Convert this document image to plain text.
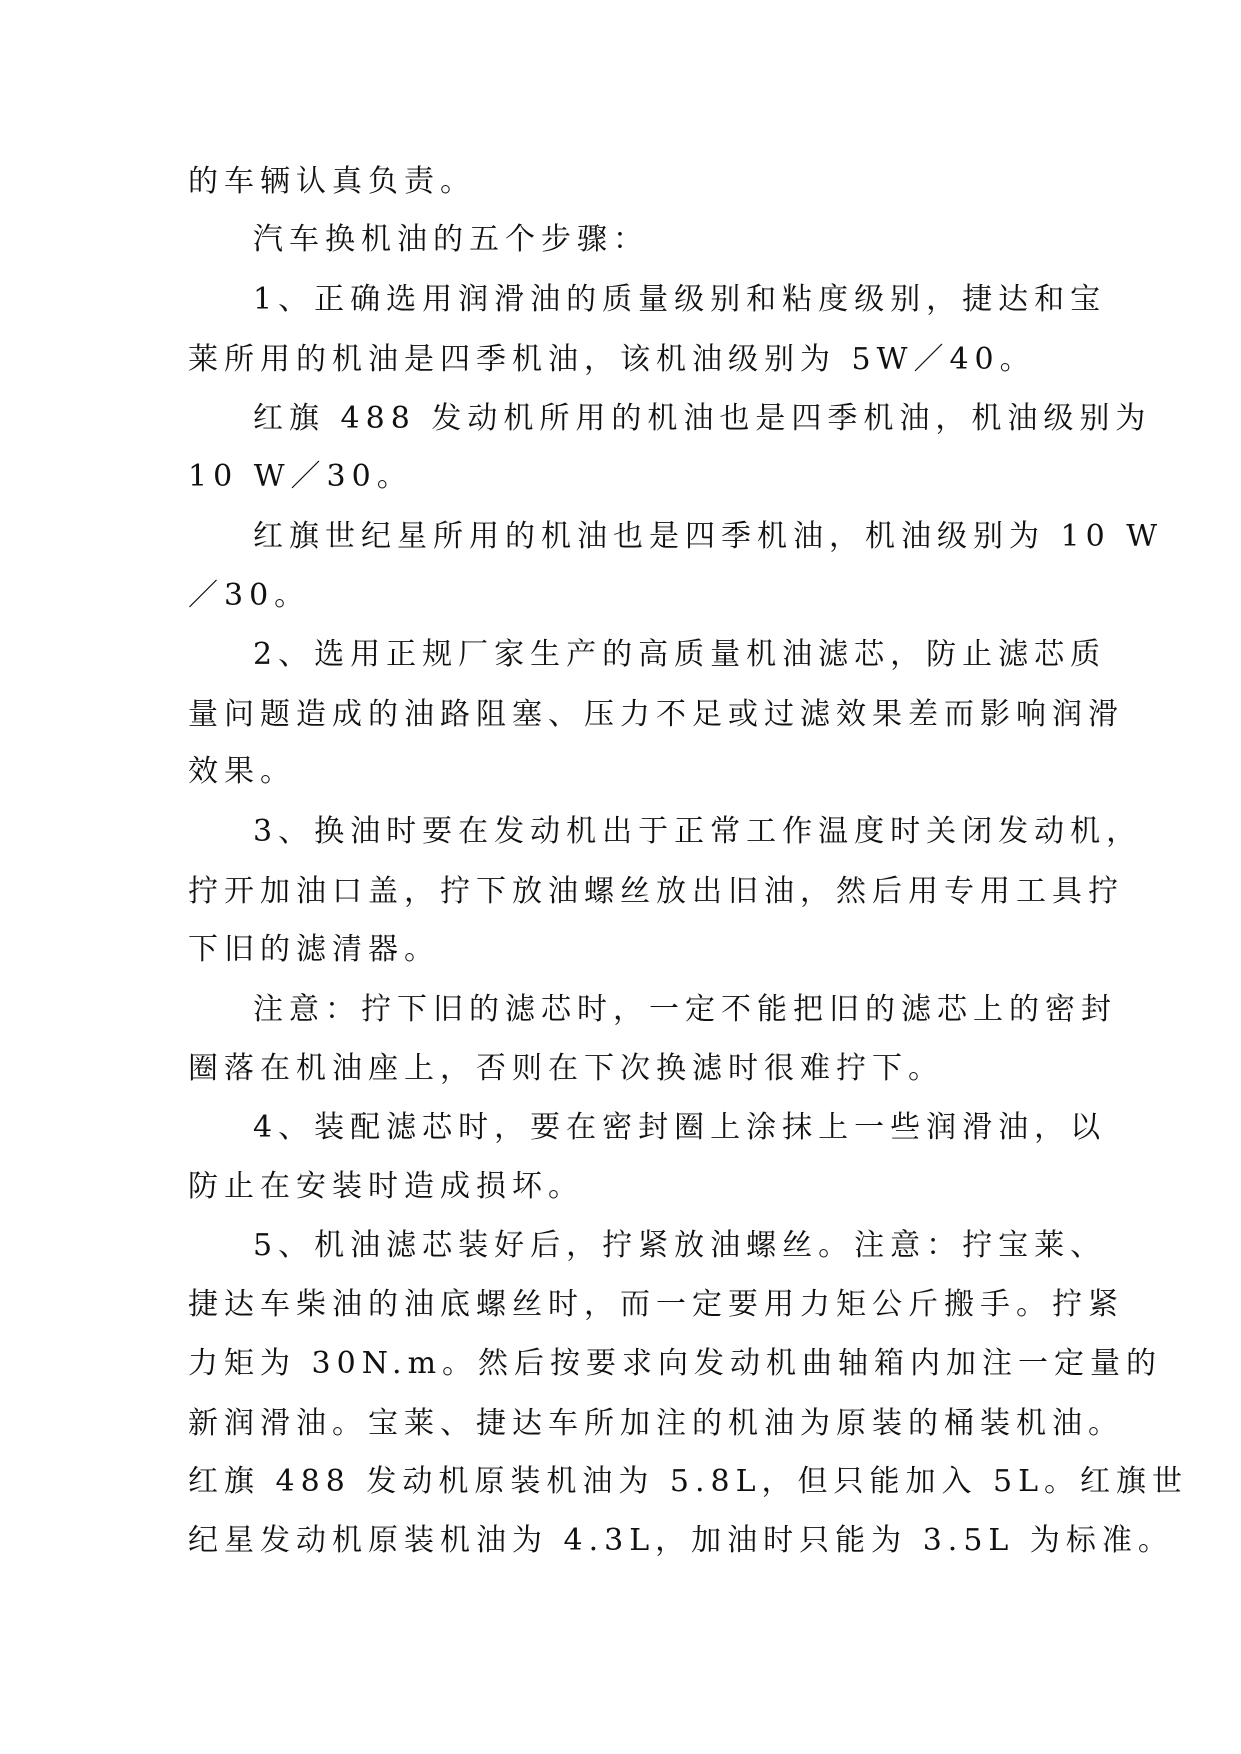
的车辆认真负责。

汽车换机油的五个步骤：

1、正确选用润滑油的质量级别和粘度级别，捷达和宝

莱所用的机油是四季机油，该机油级别为 5W／40。

红旗 488 发动机所用的机油也是四季机油，机油级别为

10 W／30。

红旗世纪星所用的机油也是四季机油，机油级别为 10 W

／30。

2、选用正规厂家生产的高质量机油滤芯，防止滤芯质

量问题造成的油路阻塞、压力不足或过滤效果差而影响润滑

效果。

3、换油时要在发动机出于正常工作温度时关闭发动机，

拧开加油口盖，拧下放油螺丝放出旧油，然后用专用工具拧

下旧的滤清器。

注意：拧下旧的滤芯时，一定不能把旧的滤芯上的密封

圈落在机油座上，否则在下次换滤时很难拧下。

4、装配滤芯时，要在密封圈上涂抹上一些润滑油，以

防止在安装时造成损坏。

5、机油滤芯装好后，拧紧放油螺丝。注意：拧宝莱、

捷达车柴油的油底螺丝时，而一定要用力矩公斤搬手。拧紧

力矩为 30N.m。然后按要求向发动机曲轴箱内加注一定量的

新润滑油。宝莱、捷达车所加注的机油为原装的桶装机油。

红旗 488 发动机原装机油为 5.8L，但只能加入 5L。红旗世

纪星发动机原装机油为 4.3L，加油时只能为 3.5L 为标准。
